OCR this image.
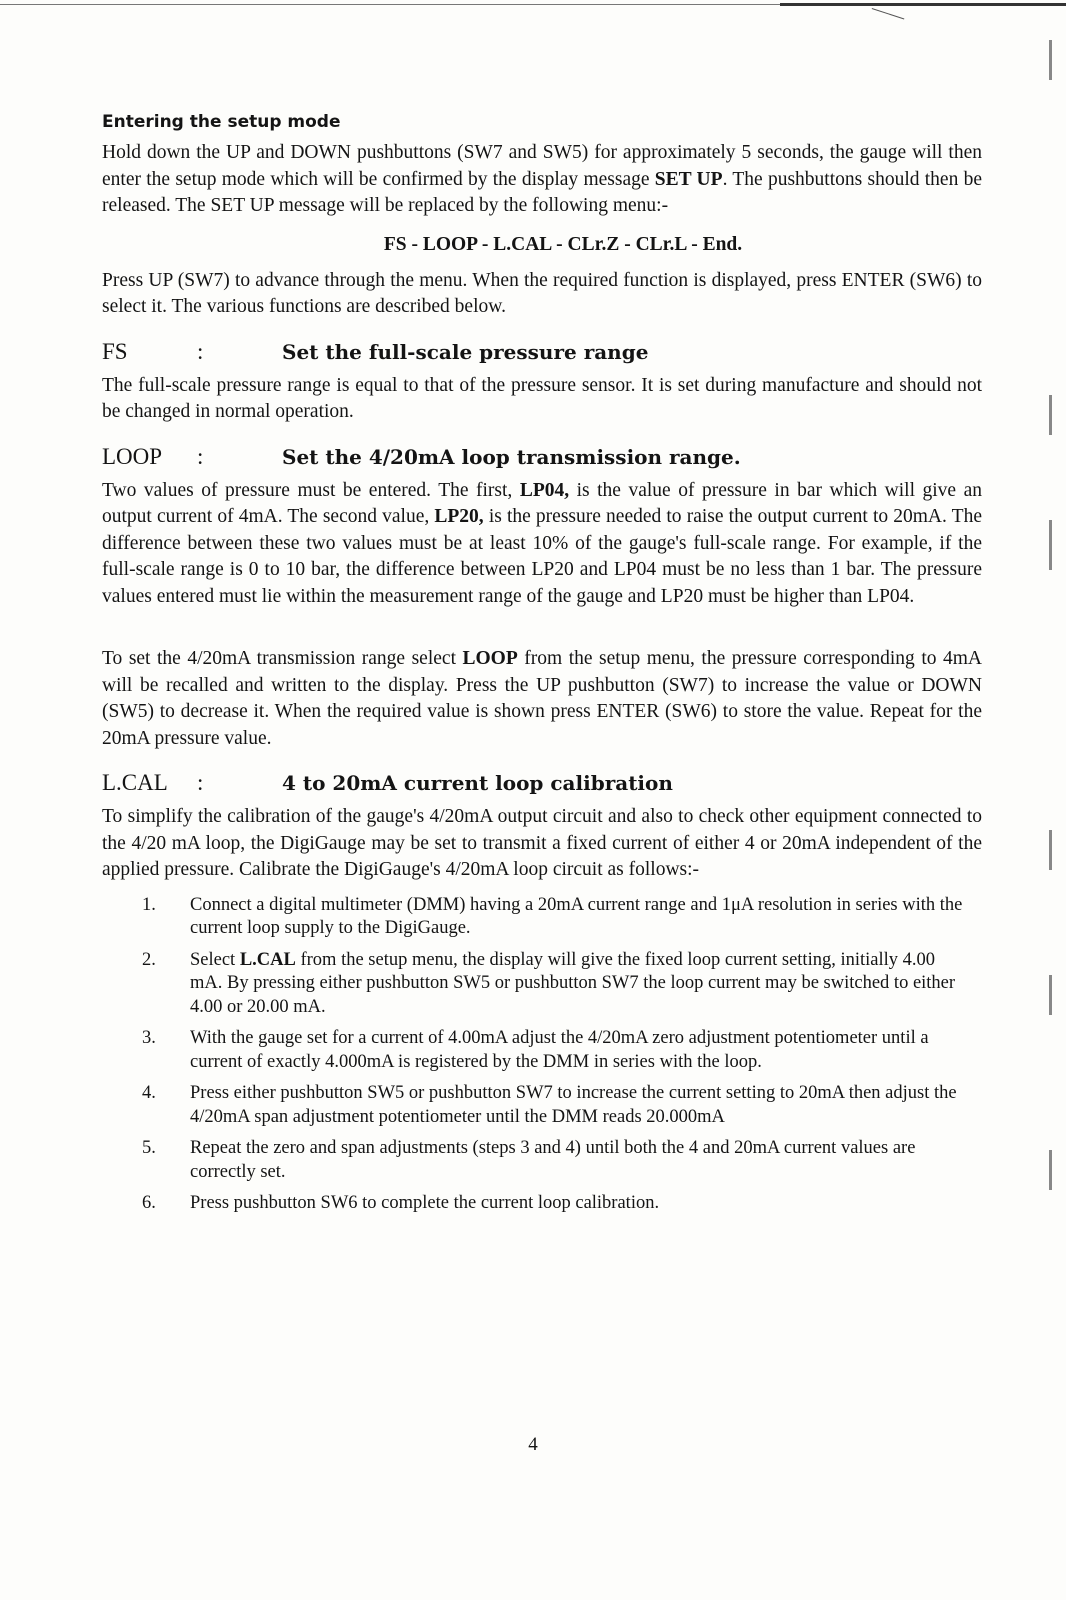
Entering the setup mode

Hold down the UP and DOWN pushbuttons (SW7 and SW5) for approximately 5 seconds, the gauge will then enter the setup mode which will be confirmed by the display message SET UP. The pushbuttons should then be released. The SET UP message will be replaced by the following menu:-

FS - LOOP - L.CAL - CLr.Z - CLr.L - End.

Press UP (SW7) to advance through the menu. When the required function is displayed, press ENTER (SW6) to select it. The various functions are described below.

FS	:	Set the full-scale pressure range

The full-scale pressure range is equal to that of the pressure sensor. It is set during manufacture and should not be changed in normal operation.

LOOP	:	Set the 4/20mA loop transmission range.

Two values of pressure must be entered. The first, LP04, is the value of pressure in bar which will give an output current of 4mA. The second value, LP20, is the pressure needed to raise the output current to 20mA. The difference between these two values must be at least 10% of the gauge's full-scale range. For example, if the full-scale range is 0 to 10 bar, the difference between LP20 and LP04 must be no less than 1 bar. The pressure values entered must lie within the measurement range of the gauge and LP20 must be higher than LP04.

To set the 4/20mA transmission range select LOOP from the setup menu, the pressure corresponding to 4mA will be recalled and written to the display. Press the UP pushbutton (SW7) to increase the value or DOWN (SW5) to decrease it. When the required value is shown press ENTER (SW6) to store the value. Repeat for the 20mA pressure value.

L.CAL	:	4 to 20mA current loop calibration

To simplify the calibration of the gauge's 4/20mA output circuit and also to check other equipment connected to the 4/20 mA loop, the DigiGauge may be set to transmit a fixed current of either 4 or 20mA independent of the applied pressure. Calibrate the DigiGauge's 4/20mA loop circuit as follows:-

1.	Connect a digital multimeter (DMM) having a 20mA current range and 1μA resolution in series with the current loop supply to the DigiGauge.
2.	Select L.CAL from the setup menu, the display will give the fixed loop current setting, initially 4.00 mA. By pressing either pushbutton SW5 or pushbutton SW7 the loop current may be switched to either 4.00 or 20.00 mA.
3.	With the gauge set for a current of 4.00mA adjust the 4/20mA zero adjustment potentiometer until a current of exactly 4.000mA is registered by the DMM in series with the loop.
4.	Press either pushbutton SW5 or pushbutton SW7 to increase the current setting to 20mA then adjust the 4/20mA span adjustment potentiometer until the DMM reads 20.000mA
5.	Repeat the zero and span adjustments (steps 3 and 4) until both the 4 and 20mA current values are correctly set.
6.	Press pushbutton SW6 to complete the current loop calibration.
4
